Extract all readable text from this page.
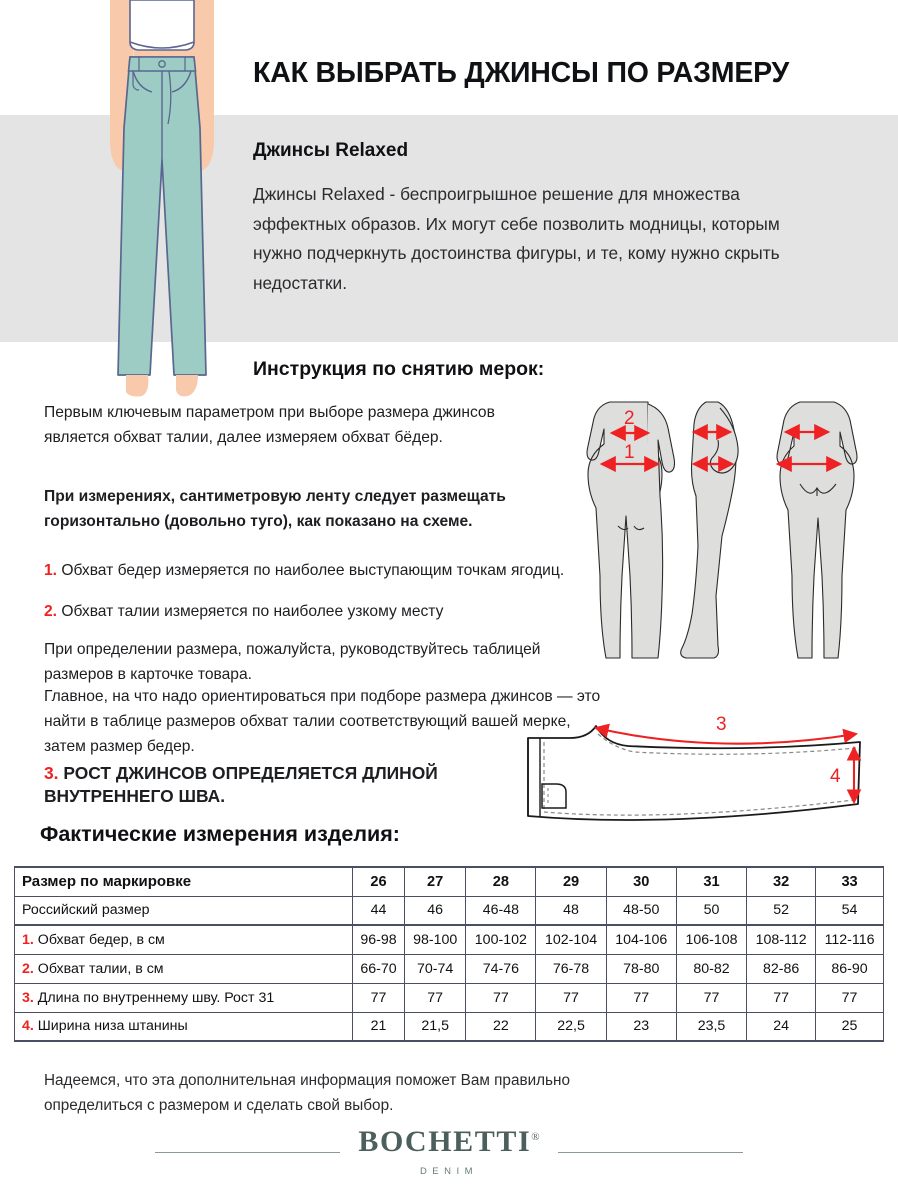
КАК ВЫБРАТЬ ДЖИНСЫ ПО РАЗМЕРУ
Джинсы Relaxed
Джинсы Relaxed - беспроигрышное решение для множества эффектных образов. Их могут себе позволить модницы, которым нужно подчеркнуть достоинства фигуры, и те, кому нужно скрыть недостатки.
Инструкция по снятию мерок:
Первым ключевым параметром при выборе размера джинсов является обхват талии, далее измеряем обхват бёдер.
При измерениях, сантиметровую ленту следует размещать горизонтально (довольно туго), как показано на схеме.
1. Обхват бедер измеряется по наиболее выступающим точкам ягодиц.
2. Обхват талии измеряется по наиболее узкому месту
При определении размера, пожалуйста, руководствуйтесь таблицей размеров в карточке товара.
Главное, на что надо ориентироваться при подборе размера джинсов — это найти в таблице размеров обхват талии соответствующий вашей мерке, затем размер бедер.
3. РОСТ ДЖИНСОВ ОПРЕДЕЛЯЕТСЯ ДЛИНОЙ ВНУТРЕННЕГО ШВА.
2
1
3
4
Фактические измерения изделия:
Размер по маркировке	26	27	28	29	30	31	32	33
Российский размер	44	46	46-48	48	48-50	50	52	54
1. Обхват бедер, в см	96-98	98-100	100-102	102-104	104-106	106-108	108-112	112-116
2. Обхват талии, в см	66-70	70-74	74-76	76-78	78-80	80-82	82-86	86-90
3. Длина по внутреннему шву. Рост 31	77	77	77	77	77	77	77	77
4. Ширина низа штанины	21	21,5	22	22,5	23	23,5	24	25
Надеемся, что эта дополнительная информация поможет Вам правильно определиться с размером и сделать свой выбор.
BOCHETTI®
DENIM
